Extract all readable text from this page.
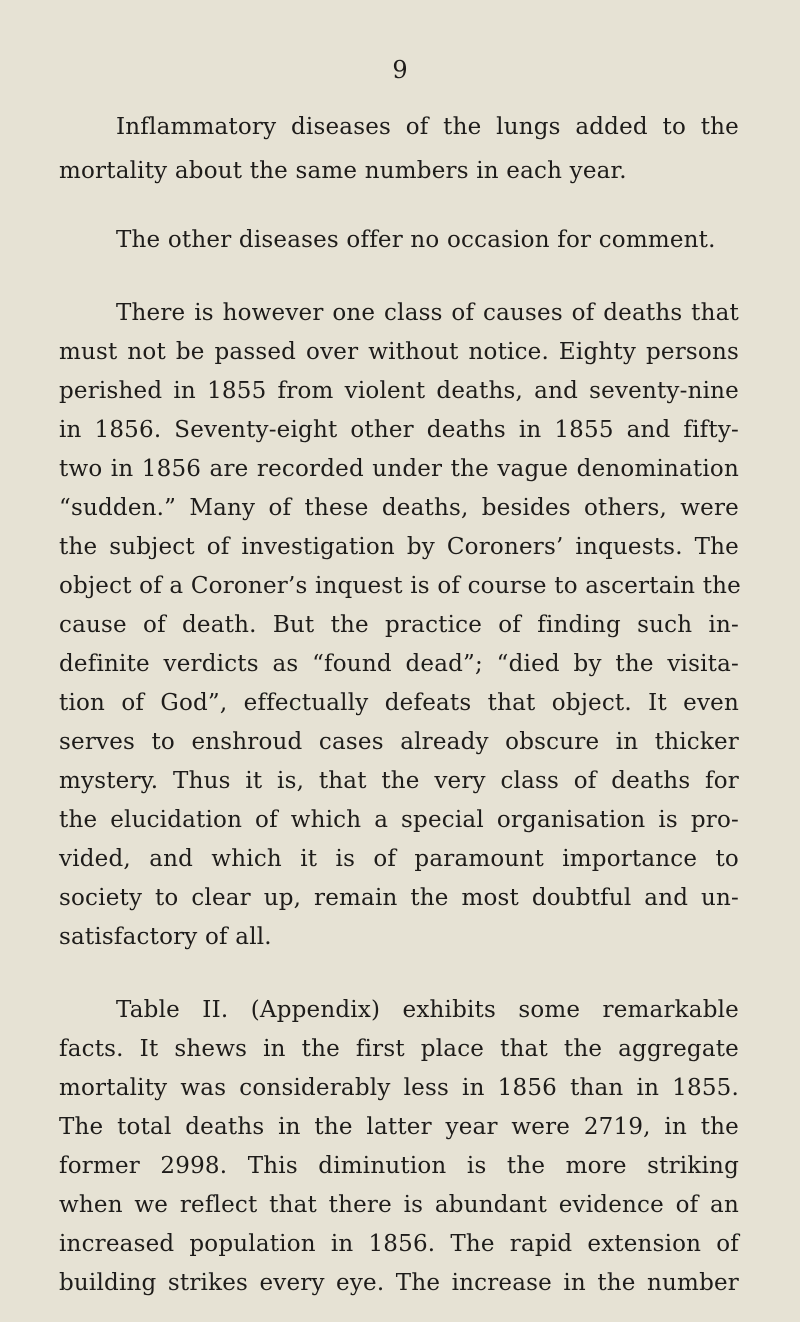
9
Inflammatory diseases of the lungs added to the
mortality about the same numbers in each year.
The other diseases offer no occasion for comment.
There is however one class of causes of deaths that
must not be passed over without notice. Eighty persons
perished in 1855 from violent deaths, and seventy-nine
in 1856. Seventy-eight other deaths in 1855 and fifty-
two in 1856 are recorded under the vague denomination
“sudden.” Many of these deaths, besides others, were
the subject of investigation by Coroners’ inquests. The
object of a Coroner’s inquest is of course to ascertain the
cause of death. But the practice of finding such in-
definite verdicts as “found dead”; “died by the visita-
tion of God”, effectually defeats that object. It even
serves to enshroud cases already obscure in thicker
mystery. Thus it is, that the very class of deaths for
the elucidation of which a special organisation is pro-
vided, and which it is of paramount importance to
society to clear up, remain the most doubtful and un-
satisfactory of all.
Table II. (Appendix) exhibits some remarkable
facts. It shews in the first place that the aggregate
mortality was considerably less in 1856 than in 1855.
The total deaths in the latter year were 2719, in the
former 2998. This diminution is the more striking
when we reflect that there is abundant evidence of an
increased population in 1856. The rapid extension of
building strikes every eye. The increase in the number
